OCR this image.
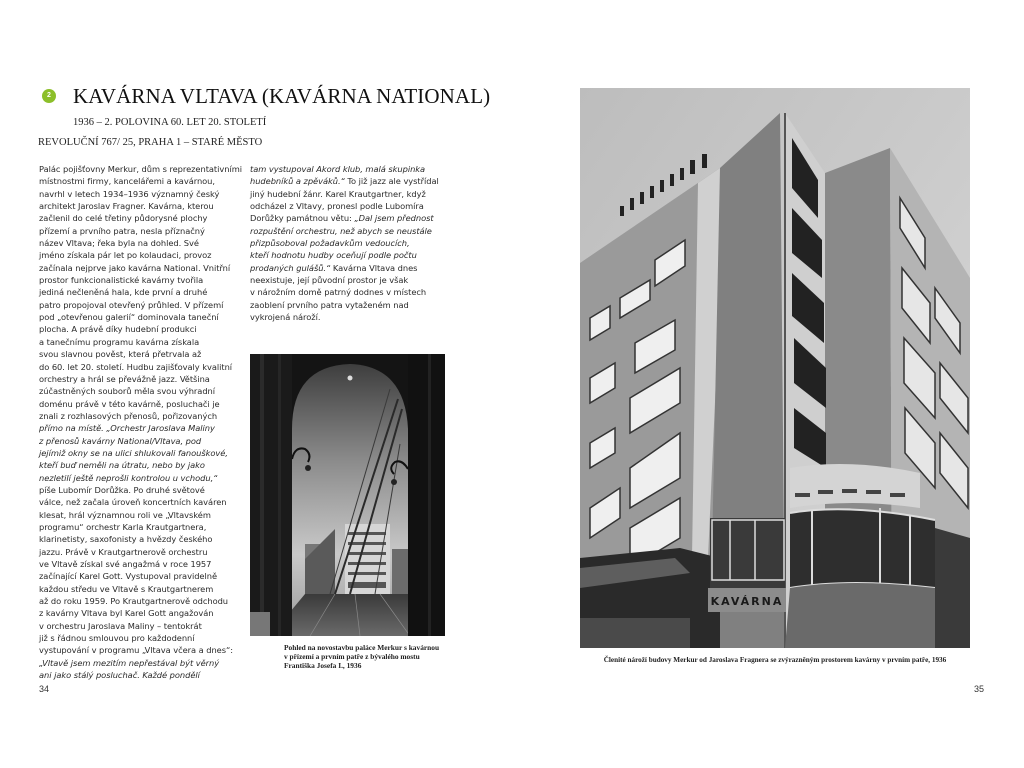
2 KAVÁRNA VLTAVA (KAVÁRNA NATIONAL)
1936 – 2. POLOVINA 60. LET 20. STOLETÍ
REVOLUČNÍ 767/ 25, PRAHA 1 – STARÉ MĚSTO
Palác pojišťovny Merkur, dům s reprezentativními
místnostmi firmy, kancelářemi a kavárnou,
navrhl v letech 1934–1936 významný český
architekt Jaroslav Fragner. Kavárna, kterou
začlenil do celé třetiny půdorysné plochy
přízemí a prvního patra, nesla příznačný
název Vltava; řeka byla na dohled. Své
jméno získala pár let po kolaudaci, provoz
začínala nejprve jako kavárna National. Vnitřní
prostor funkcionalistické kavárny tvořila
jediná nečleněná hala, kde první a druhé
patro propojoval otevřený průhled. V přízemí
pod „otevřenou galerií“ dominovala taneční
plocha. A právě díky hudební produkci
a tanečnímu programu kavárna získala
svou slavnou pověst, která přetrvala až
do 60. let 20. století. Hudbu zajišťovaly kvalitní
orchestry a hrál se převážně jazz. Většina
zúčastněných souborů měla svou výhradní
doménu právě v této kavárně, posluchači je
znali z rozhlasových přenosů, pořizovaných
přímo na místě. „Orchestr Jaroslava Maliny
z přenosů kavárny National/Vltava, pod
jejímiž okny se na ulici shlukovali fanouškové,
kteří buď neměli na útratu, nebo by jako
nezletilí ještě neprošli kontrolou u vchodu,“
píše Lubomír Dorůžka. Po druhé světové
válce, než začala úroveň koncertních kaváren
klesat, hrál významnou roli ve „Vltavském
programu“ orchestr Karla Krautgartnera,
klarinetisty, saxofonisty a hvězdy českého
jazzu. Právě v Krautgartnerově orchestru
ve Vltavě získal své angažmá v roce 1957
začínající Karel Gott. Vystupoval pravidelně
každou středu ve Vltavě s Krautgartnerem
až do roku 1959. Po Krautgartnerově odchodu
z kavárny Vltava byl Karel Gott angažován
v orchestru Jaroslava Maliny – tentokrát
již s řádnou smlouvou pro každodenní
vystupování v programu „Vltava včera a dnes“:
„Vltavě jsem mezitím nepřestával být věrný
ani jako stálý posluchač. Každé pondělí
tam vystupoval Akord klub, malá skupinka
hudebníků a zpěváků.“ To již jazz ale vystřídal
jiný hudební žánr. Karel Krautgartner, když
odcházel z Vltavy, pronesl podle Lubomíra
Dorůžky památnou větu: „Dal jsem přednost
rozpuštění orchestru, než abych se neustále
přizpůsoboval požadavkům vedoucích,
kteří hodnotu hudby oceňují podle počtu
prodaných gulášů.“ Kavárna Vltava dnes
neexistuje, její původní prostor je však
v nárožním domě patrný dodnes v místech
zaoblení prvního patra vytaženém nad
vykrojená nároží.
Pohled na novostavbu paláce Merkur s kavárnou
v přízemí a prvním patře z bývalého mostu
Františka Josefa I., 1936
KAVÁRNA
Členité nároží budovy Merkur od Jaroslava Fragnera se zvýrazněným prostorem kavárny v prvním patře, 1936
34	35
